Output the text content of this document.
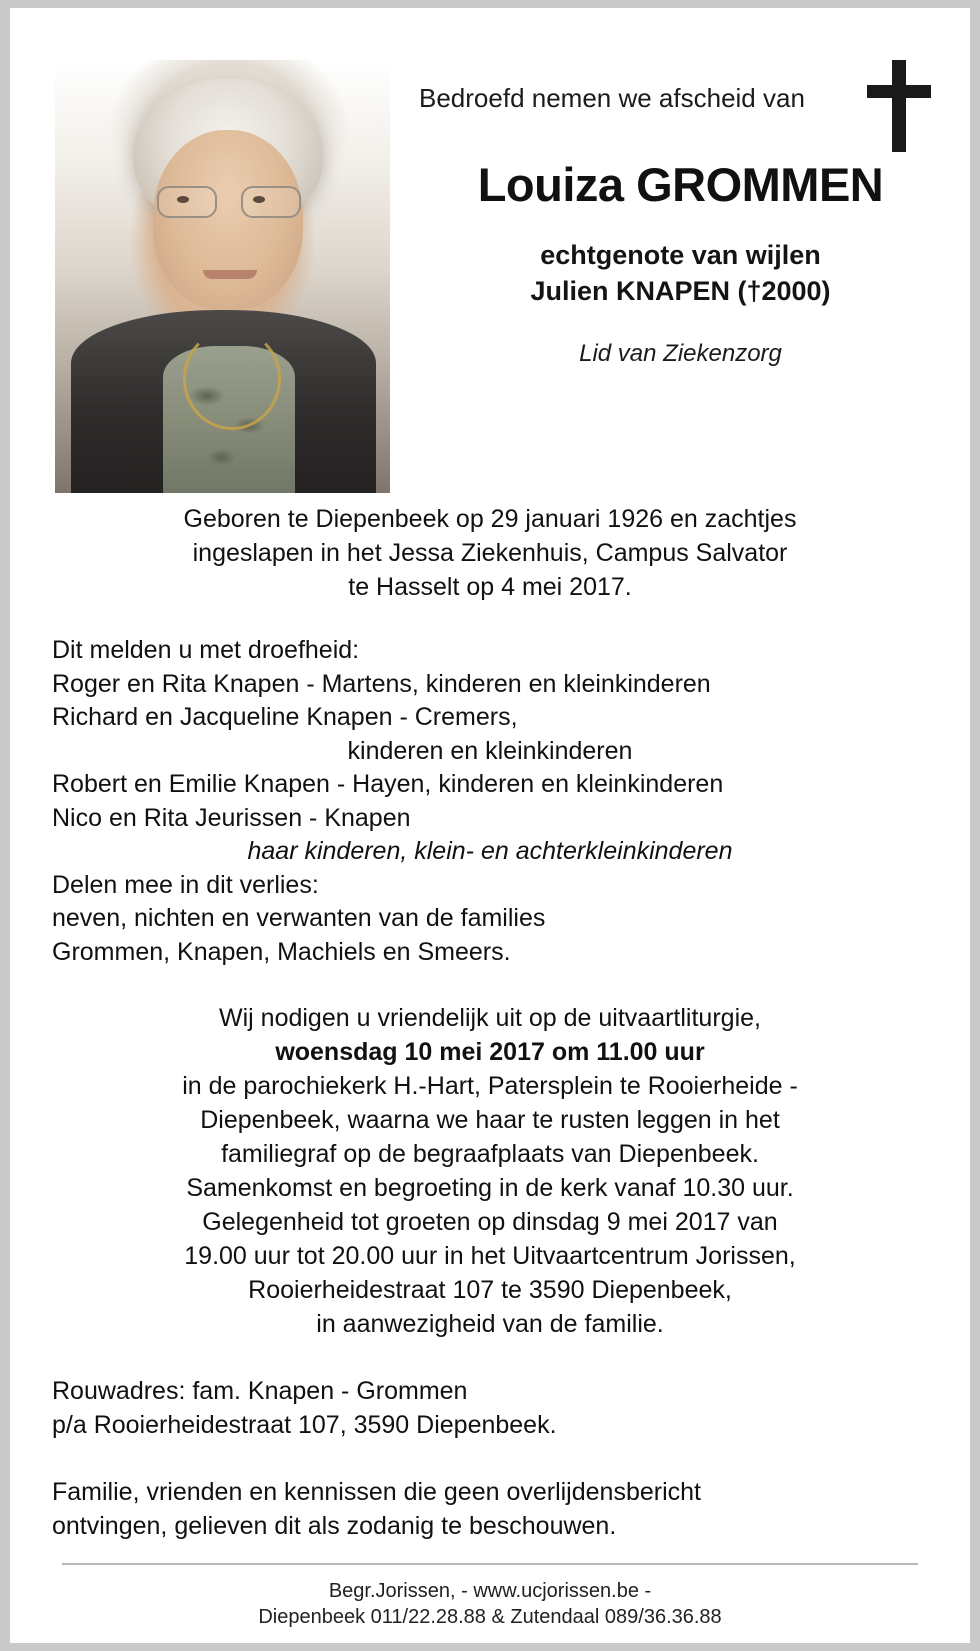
Bedroefd nemen we afscheid van
Louiza GROMMEN
echtgenote van wijlen
Julien KNAPEN (†2000)
Lid van Ziekenzorg
Geboren te Diepenbeek op 29 januari 1926 en zachtjes
ingeslapen in het Jessa Ziekenhuis, Campus Salvator
te Hasselt op 4 mei 2017.
Dit melden u met droefheid:
Roger en Rita Knapen - Martens, kinderen en kleinkinderen
Richard en Jacqueline Knapen - Cremers,
kinderen en kleinkinderen
Robert en Emilie Knapen - Hayen, kinderen en kleinkinderen
Nico en Rita Jeurissen - Knapen
haar kinderen, klein- en achterkleinkinderen
Delen mee in dit verlies:
neven, nichten en verwanten van de families
Grommen, Knapen, Machiels en Smeers.
Wij nodigen u vriendelijk uit op de uitvaartliturgie,
woensdag 10 mei 2017 om 11.00 uur
in de parochiekerk H.-Hart, Patersplein te Rooierheide -
Diepenbeek, waarna we haar te rusten leggen in het
familiegraf op de begraafplaats van Diepenbeek.
Samenkomst en begroeting in de kerk vanaf 10.30 uur.
Gelegenheid tot groeten op dinsdag 9 mei 2017 van
19.00 uur tot 20.00 uur in het Uitvaartcentrum Jorissen,
Rooierheidestraat 107 te 3590 Diepenbeek,
in aanwezigheid van de familie.
Rouwadres: fam. Knapen - Grommen
p/a Rooierheidestraat 107, 3590 Diepenbeek.
Familie, vrienden en kennissen die geen overlijdensbericht
ontvingen, gelieven dit als zodanig te beschouwen.
Begr.Jorissen, - www.ucjorissen.be -
Diepenbeek 011/22.28.88 & Zutendaal 089/36.36.88
